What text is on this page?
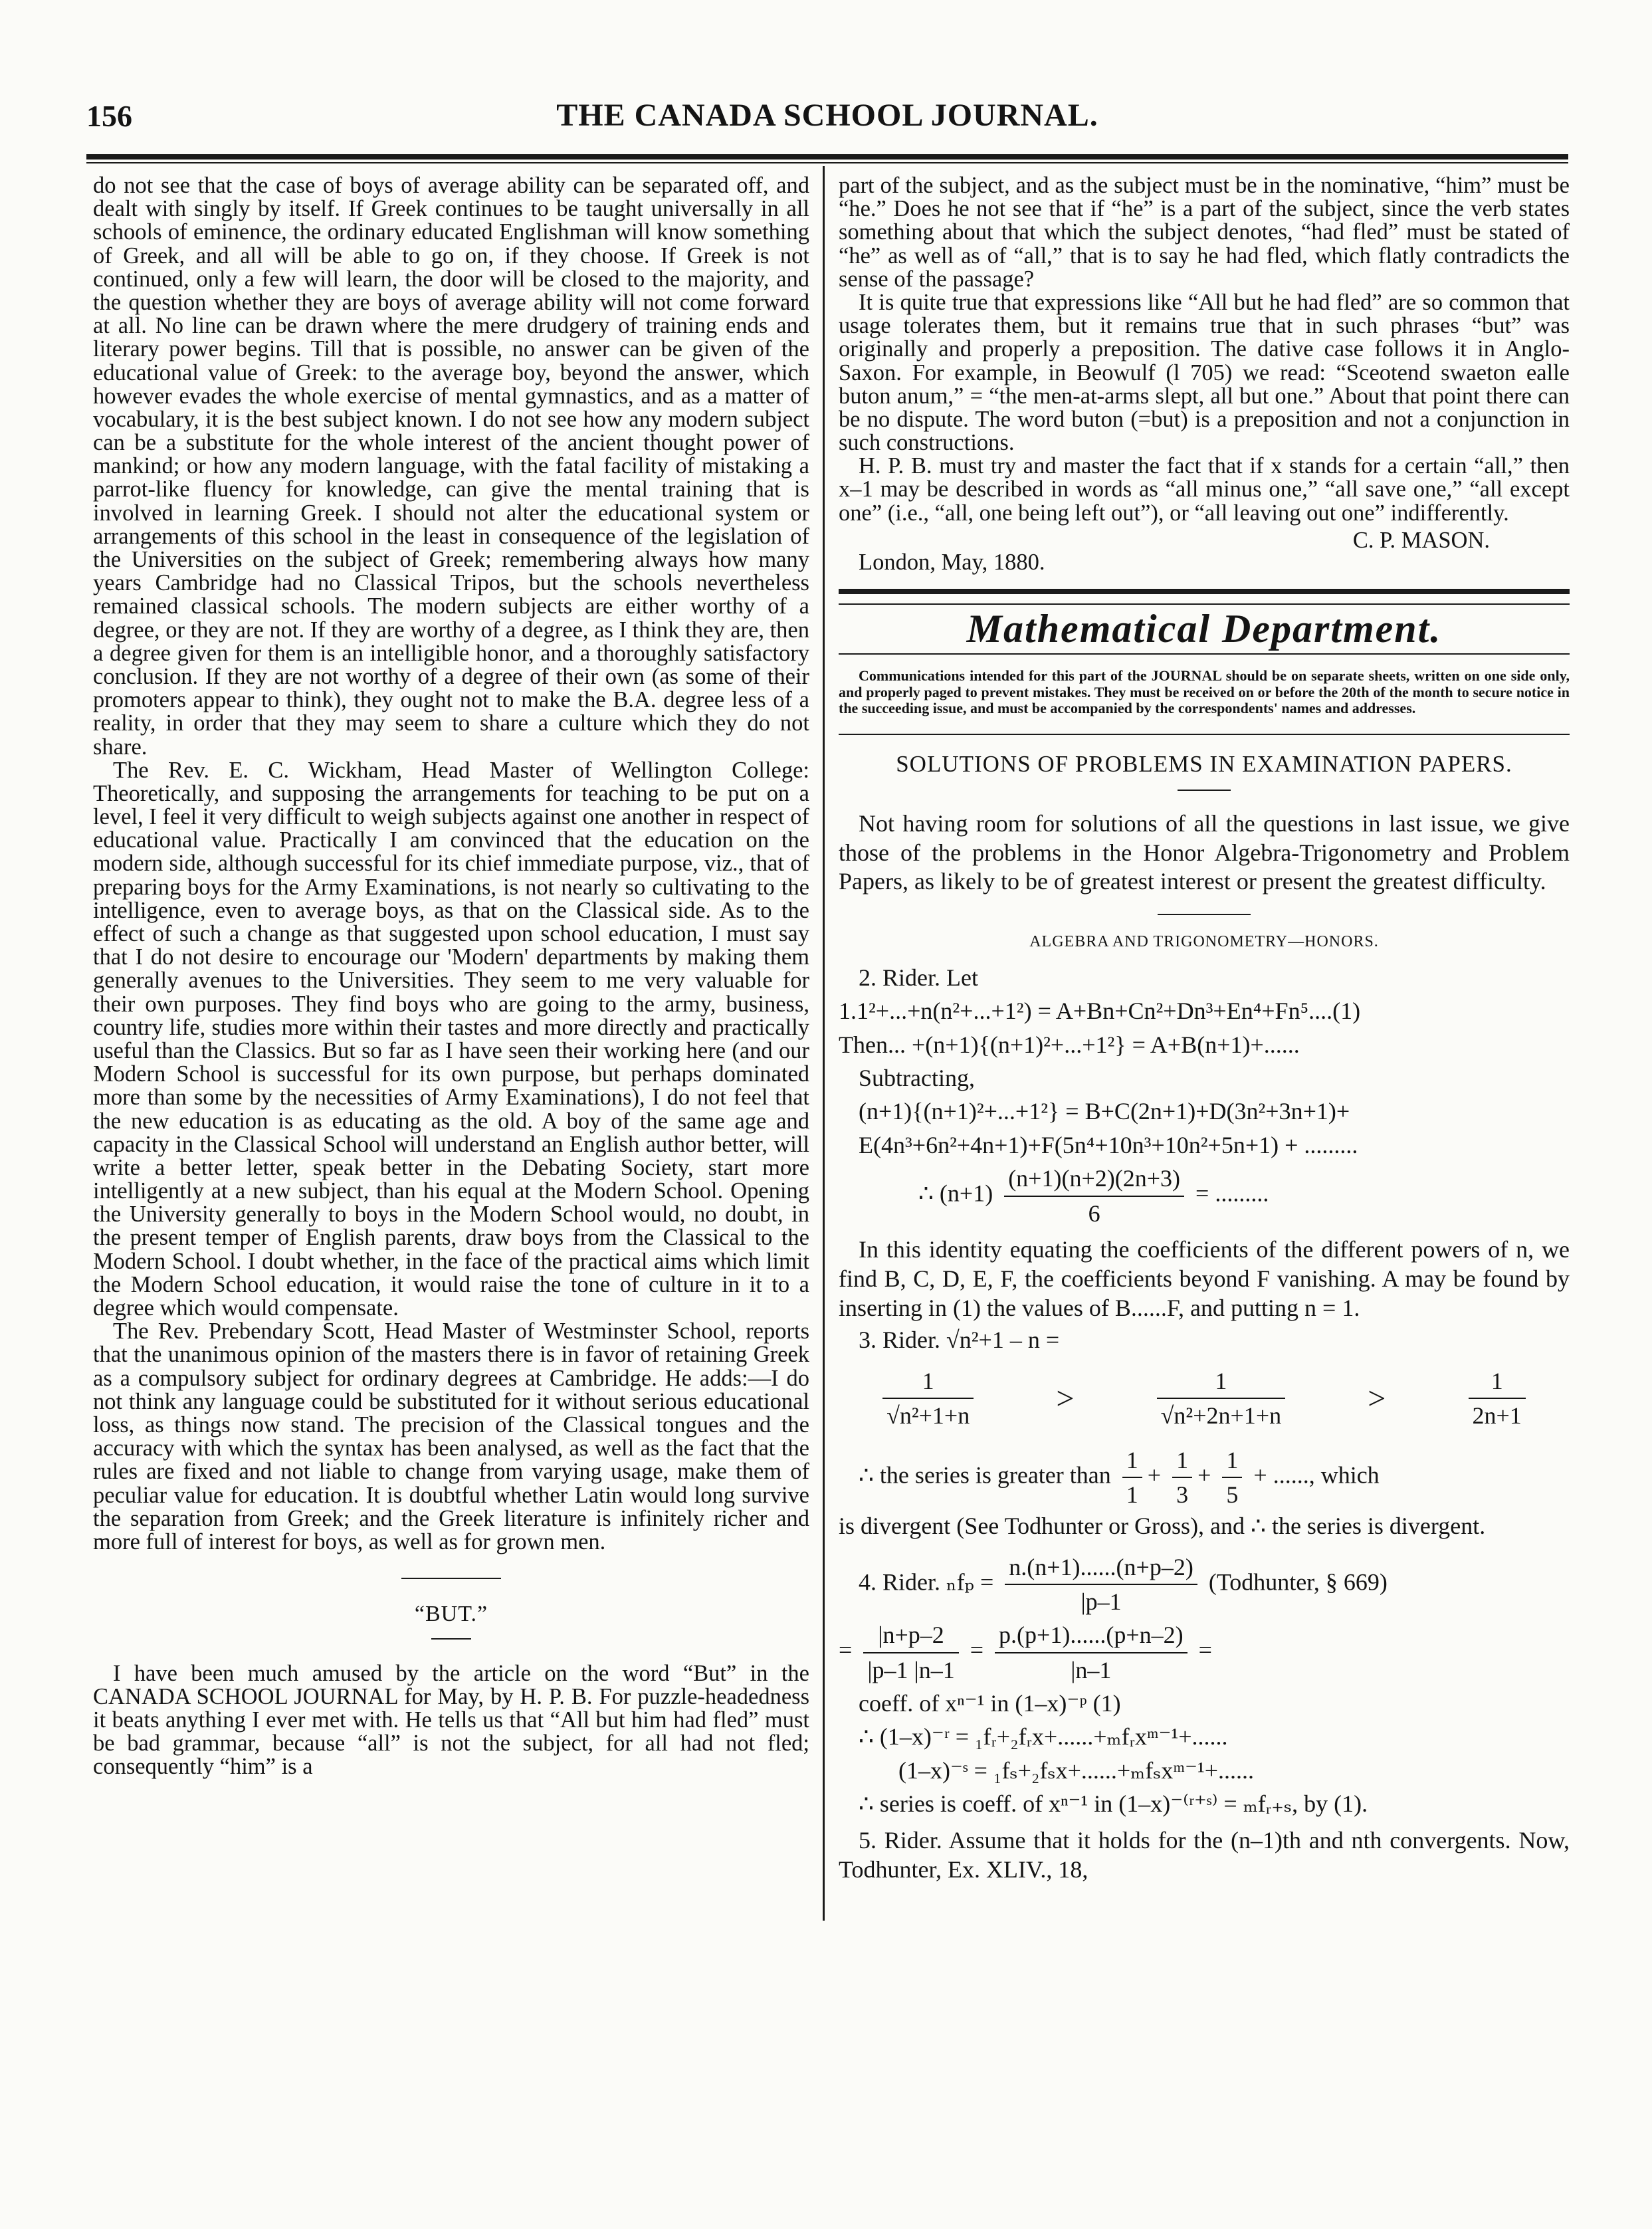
156	THE CANADA SCHOOL JOURNAL.

do not see that the case of boys of average ability can be separated off, and dealt with singly by itself. If Greek continues to be taught universally in all schools of eminence, the ordinary educated Englishman will know something of Greek, and all will be able to go on, if they choose. If Greek is not continued, only a few will learn, the door will be closed to the majority, and the question whether they are boys of average ability will not come forward at all. No line can be drawn where the mere drudgery of training ends and literary power begins. Till that is possible, no answer can be given of the educational value of Greek: to the average boy, beyond the answer, which however evades the whole exercise of mental gymnastics, and as a matter of vocabulary, it is the best subject known. I do not see how any modern subject can be a substitute for the whole interest of the ancient thought power of mankind; or how any modern language, with the fatal facility of mistaking a parrot-like fluency for knowledge, can give the mental training that is involved in learning Greek. I should not alter the educational system or arrangements of this school in the least in consequence of the legislation of the Universities on the subject of Greek; remembering always how many years Cambridge had no Classical Tripos, but the schools nevertheless remained classical schools. The modern subjects are either worthy of a degree, or they are not. If they are worthy of a degree, as I think they are, then a degree given for them is an intelligible honor, and a thoroughly satisfactory conclusion. If they are not worthy of a degree of their own (as some of their promoters appear to think), they ought not to make the B.A. degree less of a reality, in order that they may seem to share a culture which they do not share.

The Rev. E. C. Wickham, Head Master of Wellington College: Theoretically, and supposing the arrangements for teaching to be put on a level, I feel it very difficult to weigh subjects against one another in respect of educational value. Practically I am convinced that the education on the modern side, although successful for its chief immediate purpose, viz., that of preparing boys for the Army Examinations, is not nearly so cultivating to the intelligence, even to average boys, as that on the Classical side. As to the effect of such a change as that suggested upon school education, I must say that I do not desire to encourage our 'Modern' departments by making them generally avenues to the Universities. They seem to me very valuable for their own purposes. They find boys who are going to the army, business, country life, studies more within their tastes and more directly and practically useful than the Classics. But so far as I have seen their working here (and our Modern School is successful for its own purpose, but perhaps dominated more than some by the necessities of Army Examinations), I do not feel that the new education is as educating as the old. A boy of the same age and capacity in the Classical School will understand an English author better, will write a better letter, speak better in the Debating Society, start more intelligently at a new subject, than his equal at the Modern School. Opening the University generally to boys in the Modern School would, no doubt, in the present temper of English parents, draw boys from the Classical to the Modern School. I doubt whether, in the face of the practical aims which limit the Modern School education, it would raise the tone of culture in it to a degree which would compensate.

The Rev. Prebendary Scott, Head Master of Westminster School, reports that the unanimous opinion of the masters there is in favor of retaining Greek as a compulsory subject for ordinary degrees at Cambridge. He adds:—I do not think any language could be substituted for it without serious educational loss, as things now stand. The precision of the Classical tongues and the accuracy with which the syntax has been analysed, as well as the fact that the rules are fixed and not liable to change from varying usage, make them of peculiar value for education. It is doubtful whether Latin would long survive the separation from Greek; and the Greek literature is infinitely richer and more full of interest for boys, as well as for grown men.

“BUT.”

I have been much amused by the article on the word “But” in the CANADA SCHOOL JOURNAL for May, by H. P. B. For puzzle-headedness it beats anything I ever met with. He tells us that “All but him had fled” must be bad grammar, because “all” is not the subject, for all had not fled; consequently “him” is a

part of the subject, and as the subject must be in the nominative, “him” must be “he.” Does he not see that if “he” is a part of the subject, since the verb states something about that which the subject denotes, “had fled” must be stated of “he” as well as of “all,” that is to say he had fled, which flatly contradicts the sense of the passage?

It is quite true that expressions like “All but he had fled” are so common that usage tolerates them, but it remains true that in such phrases “but” was originally and properly a preposition. The dative case follows it in Anglo-Saxon. For example, in Beowulf (l 705) we read: “Sceotend swaeton ealle buton anum,” = “the men-at-arms slept, all but one.” About that point there can be no dispute. The word buton (=but) is a preposition and not a conjunction in such constructions.

H. P. B. must try and master the fact that if x stands for a certain “all,” then x–1 may be described in words as “all minus one,” “all save one,” “all except one” (i.e., “all, one being left out”), or “all leaving out one” indifferently.

C. P. MASON.
London, May, 1880.
Mathematical Department.

Communications intended for this part of the JOURNAL should be on separate sheets, written on one side only, and properly paged to prevent mistakes. They must be received on or before the 20th of the month to secure notice in the succeeding issue, and must be accompanied by the correspondents' names and addresses.

SOLUTIONS OF PROBLEMS IN EXAMINATION PAPERS.

Not having room for solutions of all the questions in last issue, we give those of the problems in the Honor Algebra-Trigonometry and Problem Papers, as likely to be of greatest interest or present the greatest difficulty.

ALGEBRA AND TRIGONOMETRY—HONORS.

2. Rider. Let

1.1²+...+n(n²+...+1²) = A+Bn+Cn²+Dn³+En⁴+Fn⁵....(1)

Then... +(n+1){(n+1)²+...+1²} = A+B(n+1)+......

Subtracting,

(n+1){(n+1)²+...+1²} = B+C(2n+1)+D(3n²+3n+1)+

E(4n³+6n²+4n+1)+F(5n⁴+10n³+10n²+5n+1) + .........

∴ $(n+1) \frac{(n+1)(n+2)(2n+3)}{6}$ = .........

In this identity equating the coefficients of the different powers of n, we find B, C, D, E, F, the coefficients beyond F vanishing. A may be found by inserting in (1) the values of B......F, and putting n = 1.

3. Rider. √n²+1 – n =

$\frac{1}{\text{√n²+1+n}}$	>	$\frac{1}{\text{√n²+2n+1+n}}$	>	$\frac{1}{2n+1}$

∴ the series is greater than $\frac{1}{1} + \frac{1}{3} + \frac{1}{5}$ + ......, which

is divergent (See Todhunter or Gross), and ∴ the series is divergent.

4. Rider. $_nf_p = \frac{n.(n+1)......(n+p-2)}{|p-1}$ (Todhunter, § 669)

= $\frac{|n+p-2}{|p-1 |n-1} = \frac{p.(p+1)......(p+n-2)}{|n-1}$ =

coeff. of xⁿ⁻¹ in (1–x)⁻ᵖ (1)

∴ (1–x)⁻ʳ = ₁fᵣ+₂fᵣx+......+ₘfᵣxᵐ⁻¹+......

(1–x)⁻ˢ = ₁fₛ+₂fₛx+......+ₘfₛxᵐ⁻¹+......

∴ series is coeff. of xⁿ⁻¹ in (1–x)⁻⁽ʳ⁺ˢ⁾ = ₘfᵣ₊ₛ, by (1).

5. Rider. Assume that it holds for the (n–1)th and nth convergents. Now, Todhunter, Ex. XLIV., 18,
